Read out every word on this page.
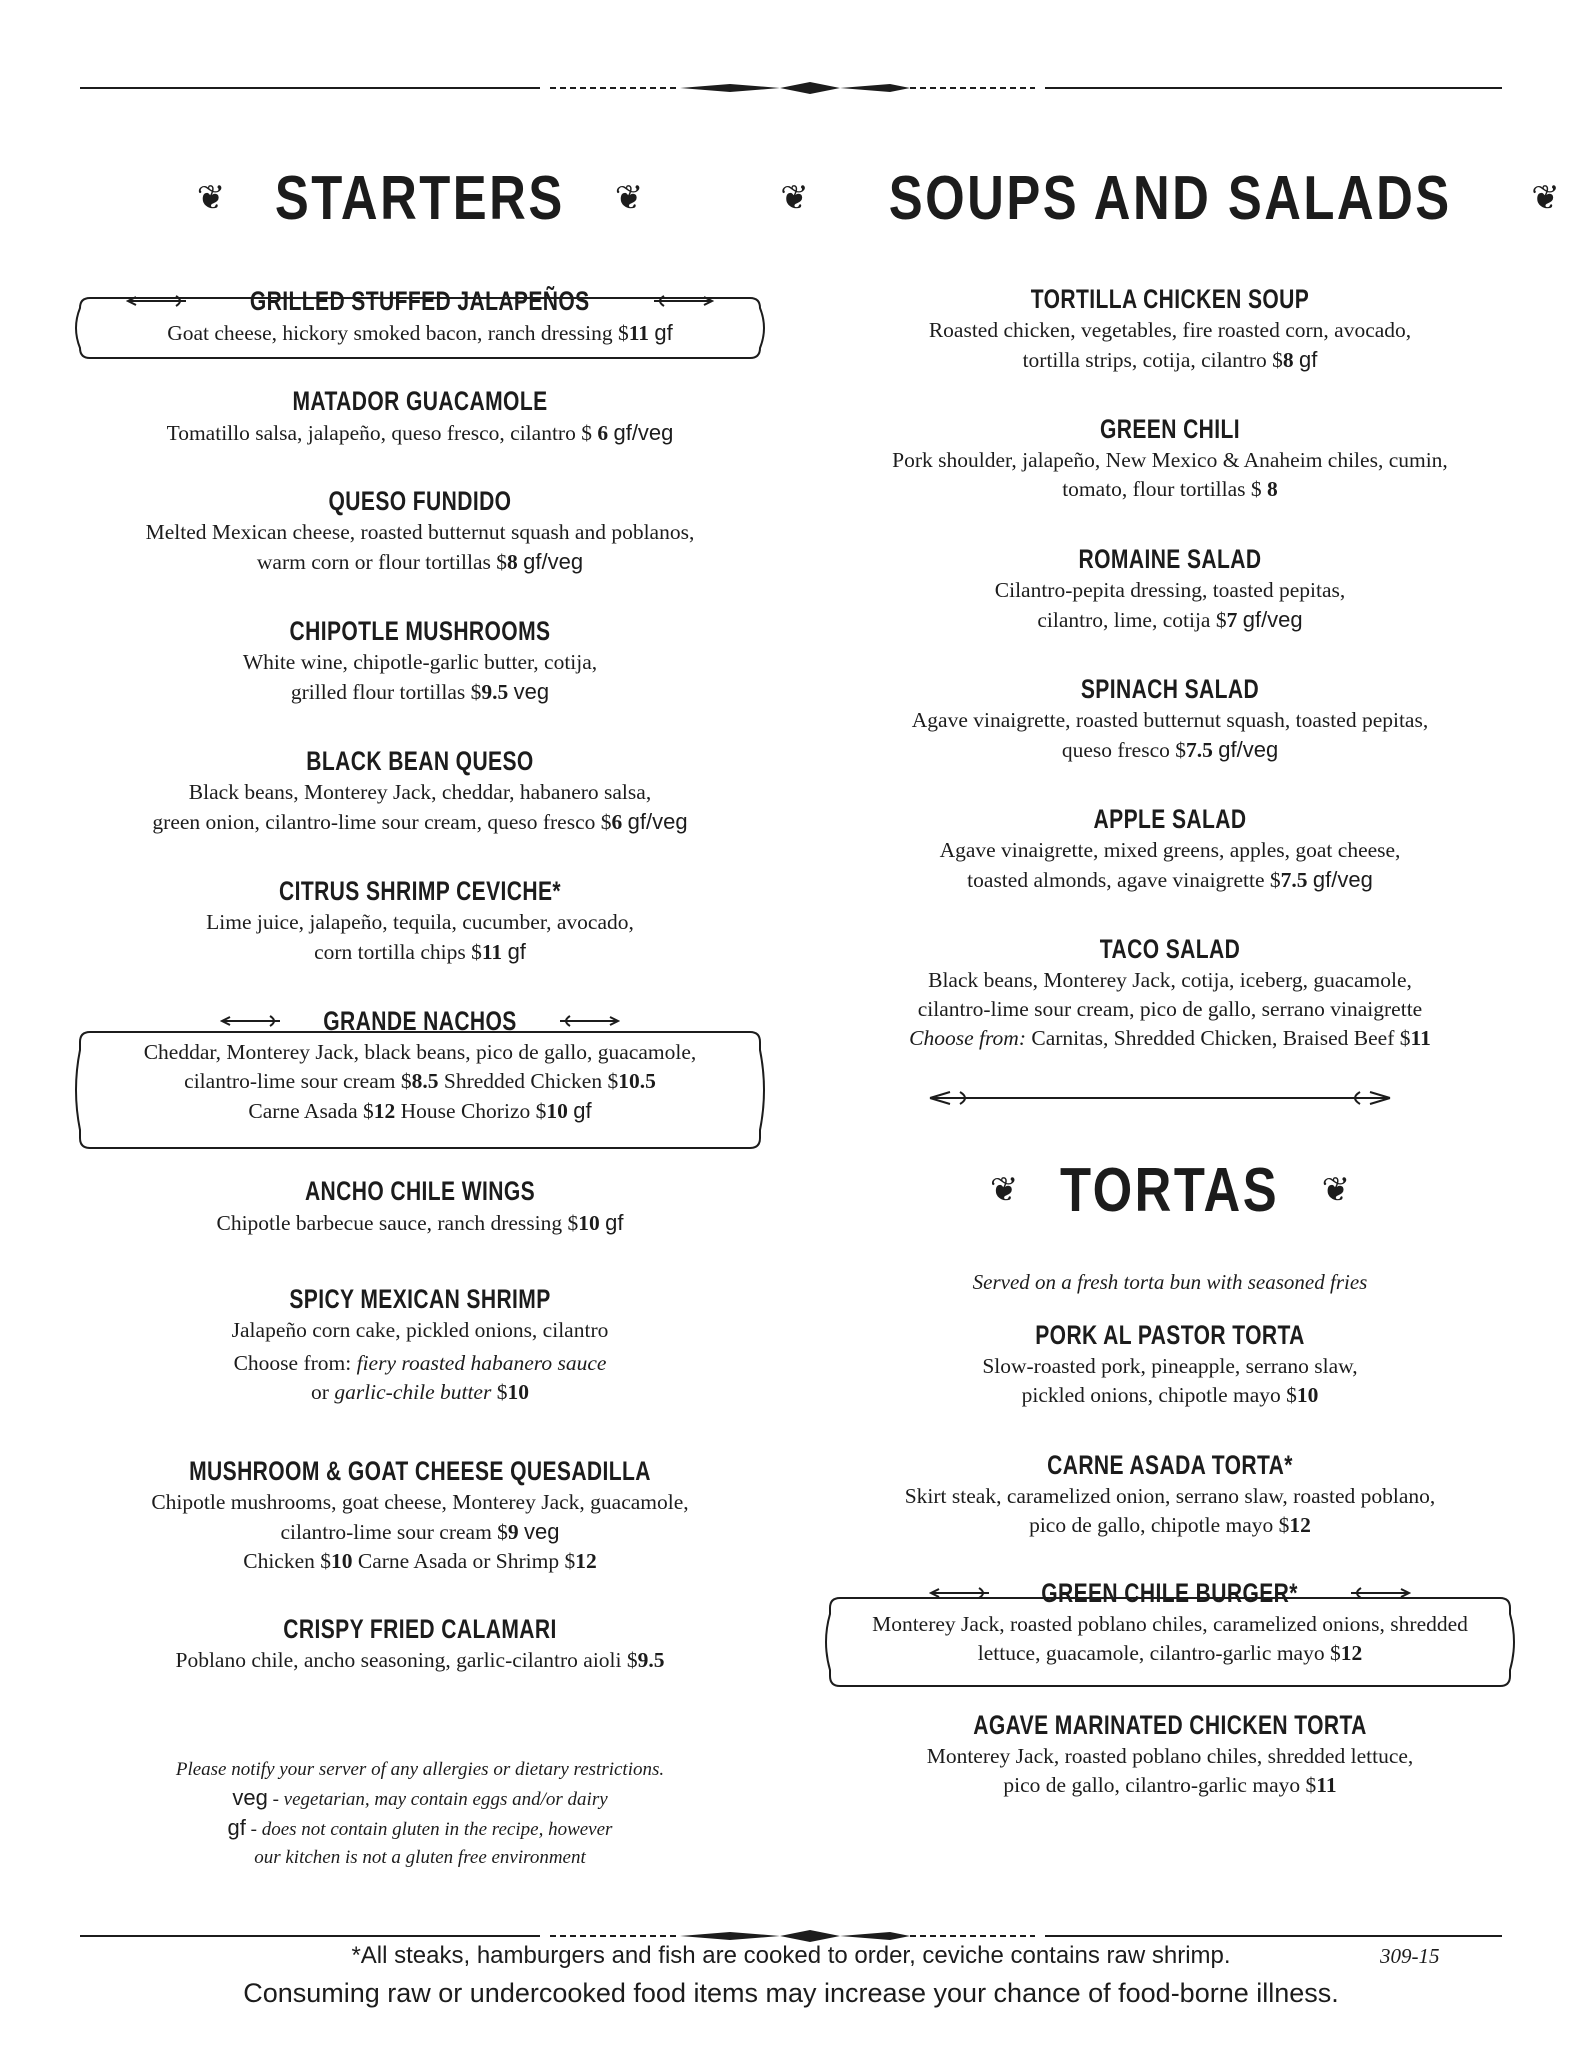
❦ STARTERS ❦
GRILLED STUFFED JALAPEÑOS
Goat cheese, hickory smoked bacon, ranch dressing $11 gf
MATADOR GUACAMOLE
Tomatillo salsa, jalapeño, queso fresco, cilantro $ 6 gf/veg
QUESO FUNDIDO
Melted Mexican cheese, roasted butternut squash and poblanos,
warm corn or flour tortillas $8 gf/veg
CHIPOTLE MUSHROOMS
White wine, chipotle-garlic butter, cotija,
grilled flour tortillas $9.5 veg
BLACK BEAN QUESO
Black beans, Monterey Jack, cheddar, habanero salsa,
green onion, cilantro-lime sour cream, queso fresco $6 gf/veg
CITRUS SHRIMP CEVICHE*
Lime juice, jalapeño, tequila, cucumber, avocado,
corn tortilla chips $11 gf
GRANDE NACHOS
Cheddar, Monterey Jack, black beans, pico de gallo, guacamole,
cilantro-lime sour cream $8.5 Shredded Chicken $10.5
Carne Asada $12 House Chorizo $10 gf
ANCHO CHILE WINGS
Chipotle barbecue sauce, ranch dressing $10 gf
SPICY MEXICAN SHRIMP
Jalapeño corn cake, pickled onions, cilantro
Choose from: fiery roasted habanero sauce
or garlic-chile butter $10
MUSHROOM & GOAT CHEESE QUESADILLA
Chipotle mushrooms, goat cheese, Monterey Jack, guacamole,
cilantro-lime sour cream $9 veg
Chicken $10 Carne Asada or Shrimp $12
CRISPY FRIED CALAMARI
Poblano chile, ancho seasoning, garlic-cilantro aioli $9.5
Please notify your server of any allergies or dietary restrictions.
veg - vegetarian, may contain eggs and/or dairy
gf - does not contain gluten in the recipe, however
our kitchen is not a gluten free environment
❦ SOUPS AND SALADS ❦
TORTILLA CHICKEN SOUP
Roasted chicken, vegetables, fire roasted corn, avocado,
tortilla strips, cotija, cilantro $8 gf
GREEN CHILI
Pork shoulder, jalapeño, New Mexico & Anaheim chiles, cumin,
tomato, flour tortillas $ 8
ROMAINE SALAD
Cilantro-pepita dressing, toasted pepitas,
cilantro, lime, cotija $7 gf/veg
SPINACH SALAD
Agave vinaigrette, roasted butternut squash, toasted pepitas,
queso fresco $7.5 gf/veg
APPLE SALAD
Agave vinaigrette, mixed greens, apples, goat cheese,
toasted almonds, agave vinaigrette $7.5 gf/veg
TACO SALAD
Black beans, Monterey Jack, cotija, iceberg, guacamole,
cilantro-lime sour cream, pico de gallo, serrano vinaigrette
Choose from: Carnitas, Shredded Chicken, Braised Beef $11
❦ TORTAS ❦
Served on a fresh torta bun with seasoned fries
PORK AL PASTOR TORTA
Slow-roasted pork, pineapple, serrano slaw,
pickled onions, chipotle mayo $10
CARNE ASADA TORTA*
Skirt steak, caramelized onion, serrano slaw, roasted poblano,
pico de gallo, chipotle mayo $12
GREEN CHILE BURGER*
Monterey Jack, roasted poblano chiles, caramelized onions, shredded
lettuce, guacamole, cilantro-garlic mayo $12
AGAVE MARINATED CHICKEN TORTA
Monterey Jack, roasted poblano chiles, shredded lettuce,
pico de gallo, cilantro-garlic mayo $11
*All steaks, hamburgers and fish are cooked to order, ceviche contains raw shrimp.
Consuming raw or undercooked food items may increase your chance of food-borne illness.
309-15
